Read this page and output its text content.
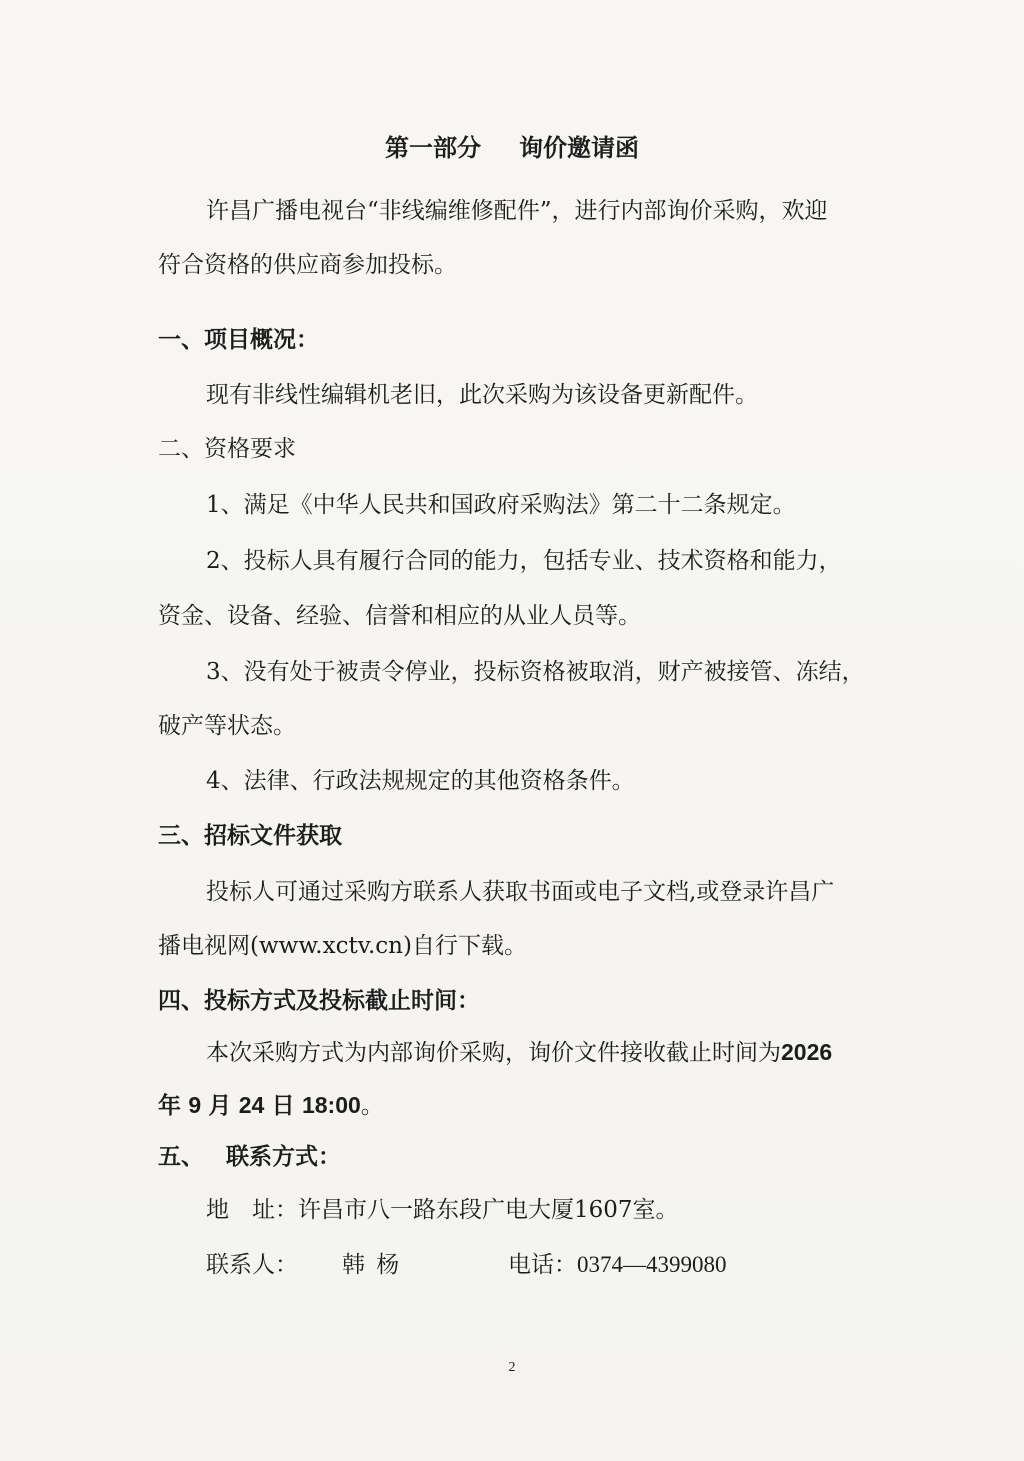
第一部分 询价邀请函
许昌广播电视台“非线编维修配件”，进行内部询价采购，欢迎
符合资格的供应商参加投标。
一、项目概况：
现有非线性编辑机老旧，此次采购为该设备更新配件。
二、资格要求
1、满足《中华人民共和国政府采购法》第二十二条规定。
2、投标人具有履行合同的能力，包括专业、技术资格和能力，
资金、设备、经验、信誉和相应的从业人员等。
3、没有处于被责令停业，投标资格被取消，财产被接管、冻结，
破产等状态。
4、法律、行政法规规定的其他资格条件。
三、招标文件获取
投标人可通过采购方联系人获取书面或电子文档,或登录许昌广
播电视网(www.xctv.cn)自行下载。
四、投标方式及投标截止时间：
本次采购方式为内部询价采购，询价文件接收截止时间为2026
年 9 月 24 日 18:00。
五、 联系方式：
地　址：许昌市八一路东段广电大厦1607室。
联系人： 韩 杨	电话：0374—4399080
2
